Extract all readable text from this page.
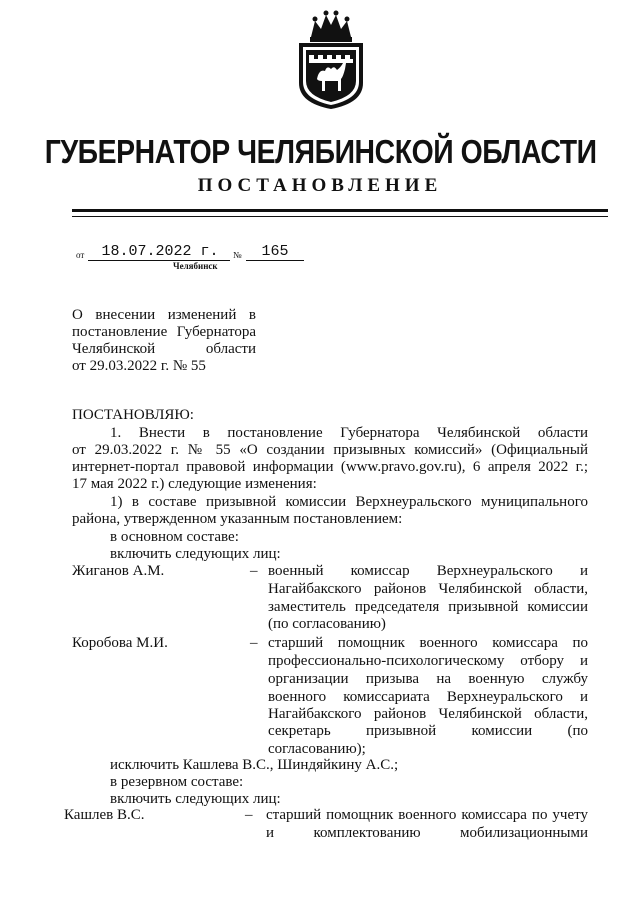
ГУБЕРНАТОР ЧЕЛЯБИНСКОЙ ОБЛАСТИ
ПОСТАНОВЛЕНИЕ
от	18.07.2022 г.	№	165
Челябинск
О внесении изменений в
постановление Губернатора
Челябинской области
от 29.03.2022 г. № 55
ПОСТАНОВЛЯЮ:
1. Внести в постановление Губернатора Челябинской области
от 29.03.2022 г. № 55 «О создании призывных комиссий» (Официальный
интернет-портал правовой информации (www.pravo.gov.ru), 6 апреля 2022 г.;
17 мая 2022 г.) следующие изменения:
1) в составе призывной комиссии Верхнеуральского муниципального
района, утвержденном указанным постановлением:
в основном составе:
включить следующих лиц:
Жиганов А.М.	– военный комиссар Верхнеуральского и
Нагайбакского районов Челябинской области,
заместитель председателя призывной комиссии
(по согласованию)
Коробова М.И.	– старший помощник военного комиссара по
профессионально-психологическому отбору и
организации призыва на военную службу
военного комиссариата Верхнеуральского и
Нагайбакского районов Челябинской области,
секретарь призывной комиссии (по
согласованию);
исключить Кашлева В.С., Шиндяйкину А.С.;
в резервном составе:
включить следующих лиц:
Кашлев В.С.	– старший помощник военного комиссара по учету
и комплектованию мобилизационными
